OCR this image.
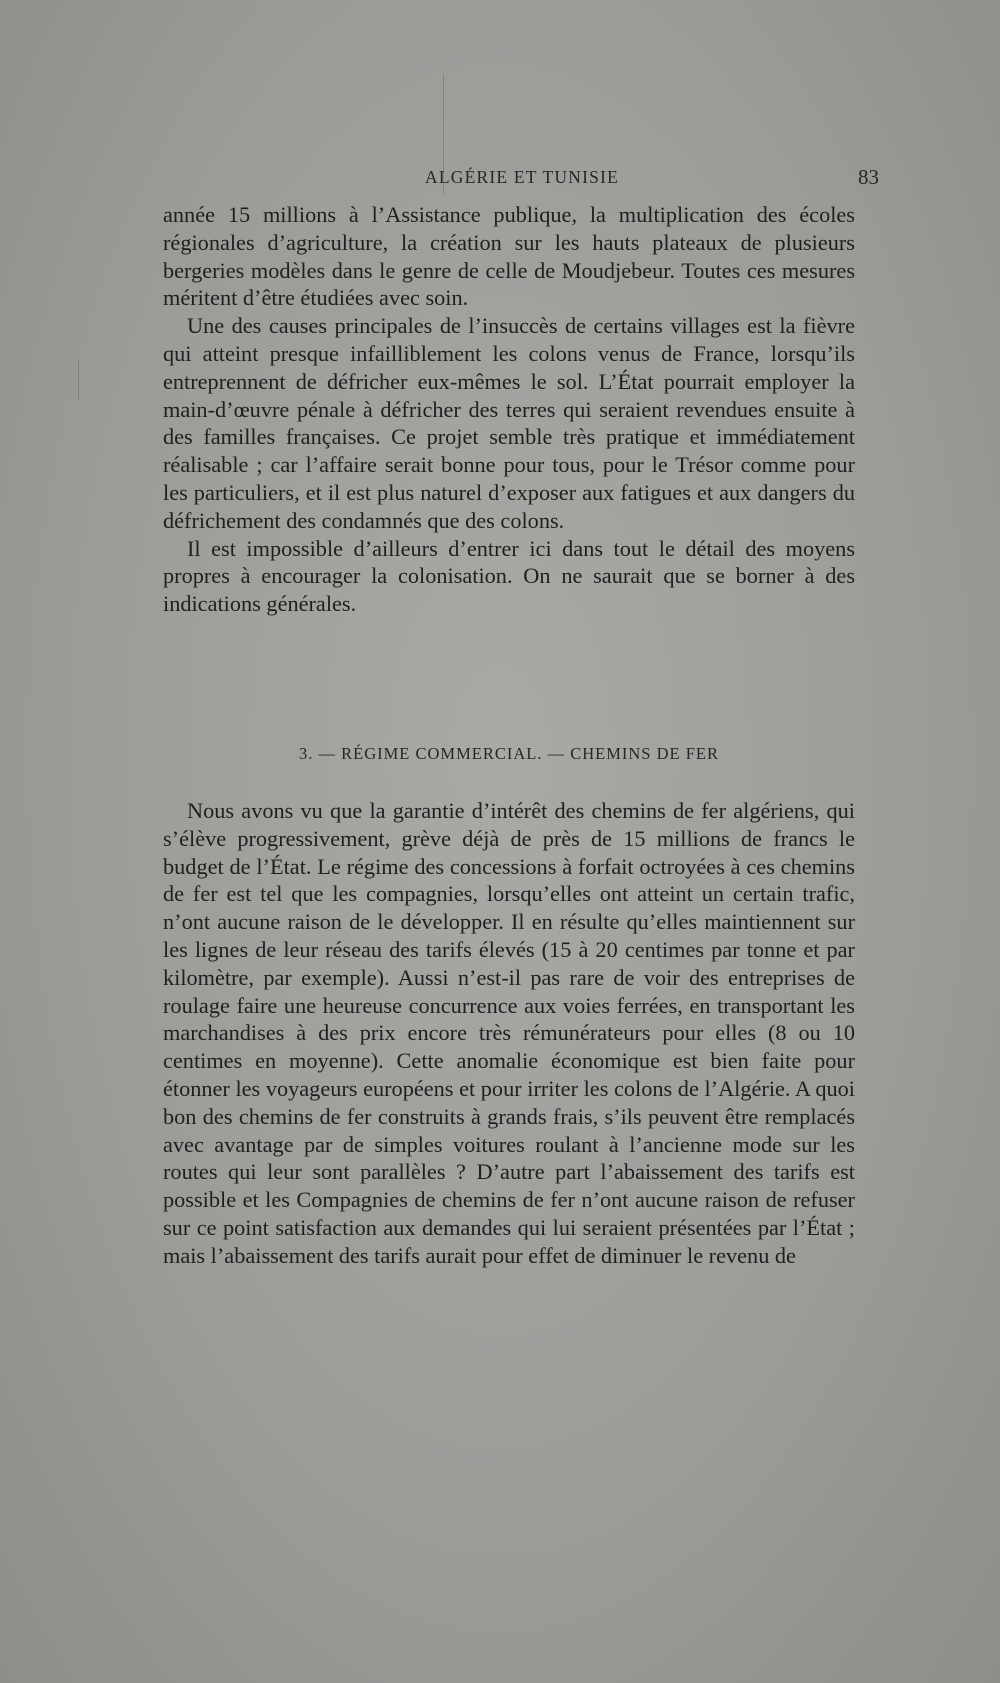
ALGÉRIE ET TUNISIE	83

année 15 millions à l’Assistance publique, la multiplication des écoles régionales d’agriculture, la création sur les hauts plateaux de plusieurs bergeries modèles dans le genre de celle de Moudjebeur. Toutes ces mesures méritent d’être étudiées avec soin.

Une des causes principales de l’insuccès de certains villages est la fièvre qui atteint presque infailliblement les colons venus de France, lorsqu’ils entreprennent de défricher eux-mêmes le sol. L’État pourrait employer la main-d’œuvre pénale à défricher des terres qui seraient revendues ensuite à des familles françaises. Ce projet semble très pratique et immédiatement réalisable ; car l’affaire serait bonne pour tous, pour le Trésor comme pour les particuliers, et il est plus naturel d’exposer aux fatigues et aux dangers du défrichement des condamnés que des colons.

Il est impossible d’ailleurs d’entrer ici dans tout le détail des moyens propres à encourager la colonisation. On ne saurait que se borner à des indications générales.

3. — RÉGIME COMMERCIAL. — CHEMINS DE FER

Nous avons vu que la garantie d’intérêt des chemins de fer algériens, qui s’élève progressivement, grève déjà de près de 15 millions de francs le budget de l’État. Le régime des concessions à forfait octroyées à ces chemins de fer est tel que les compagnies, lorsqu’elles ont atteint un certain trafic, n’ont aucune raison de le développer. Il en résulte qu’elles maintiennent sur les lignes de leur réseau des tarifs élevés (15 à 20 centimes par tonne et par kilomètre, par exemple). Aussi n’est-il pas rare de voir des entreprises de roulage faire une heureuse concurrence aux voies ferrées, en transportant les marchandises à des prix encore très rémunérateurs pour elles (8 ou 10 centimes en moyenne). Cette anomalie économique est bien faite pour étonner les voyageurs européens et pour irriter les colons de l’Algérie. A quoi bon des chemins de fer construits à grands frais, s’ils peuvent être remplacés avec avantage par de simples voitures roulant à l’ancienne mode sur les routes qui leur sont parallèles ? D’autre part l’abaissement des tarifs est possible et les Compagnies de chemins de fer n’ont aucune raison de refuser sur ce point satisfaction aux demandes qui lui seraient présentées par l’État ; mais l’abaissement des tarifs aurait pour effet de diminuer le revenu de
